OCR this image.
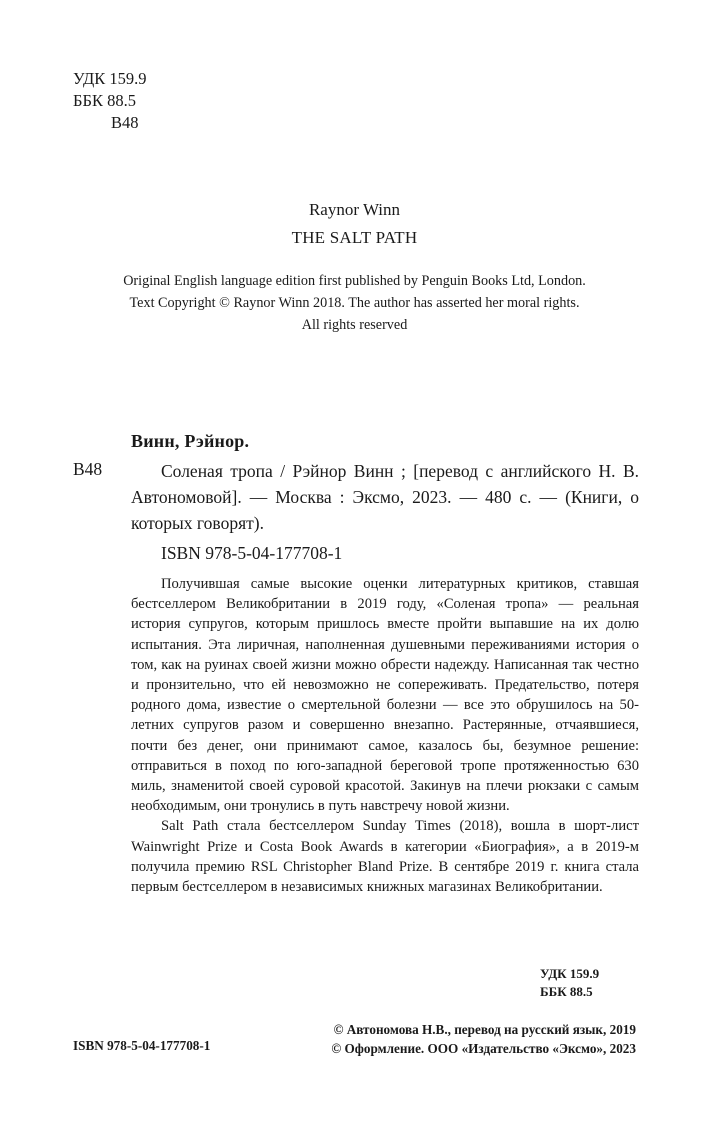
УДК 159.9
ББК 88.5
В48
Raynor Winn
THE SALT PATH
Original English language edition first published by Penguin Books Ltd, London.
Text Copyright © Raynor Winn 2018. The author has asserted her moral rights.
All rights reserved
Винн, Рэйнор.
В48	Соленая тропа / Рэйнор Винн ; [перевод с английского Н. В. Автономовой]. — Москва : Эксмо, 2023. — 480 с. — (Книги, о которых говорят).

ISBN 978-5-04-177708-1

Получившая самые высокие оценки литературных критиков, ставшая бестселлером Великобритании в 2019 году, «Соленая тропа» — реальная история супругов, которым пришлось вместе пройти выпавшие на их долю испытания. Эта лиричная, наполненная душевными переживаниями история о том, как на руинах своей жизни можно обрести надежду. Написанная так честно и пронзительно, что ей невозможно не сопереживать. Предательство, потеря родного дома, известие о смертельной болезни — все это обрушилось на 50-летних супругов разом и совершенно внезапно. Растерянные, отчаявшиеся, почти без денег, они принимают самое, казалось бы, безумное решение: отправиться в поход по юго-западной береговой тропе протяженностью 630 миль, знаменитой своей суровой красотой. Закинув на плечи рюкзаки с самым необходимым, они тронулись в путь навстречу новой жизни.

Salt Path стала бестселлером Sunday Times (2018), вошла в шорт-лист Wainwright Prize и Costa Book Awards в категории «Биография», а в 2019-м получила премию RSL Christopher Bland Prize. В сентябре 2019 г. книга стала первым бестселлером в независимых книжных магазинах Великобритании.

УДК 159.9
ББК 88.5
ISBN 978-5-04-177708-1
© Автономова Н.В., перевод на русский язык, 2019
© Оформление. ООО «Издательство «Эксмо», 2023
